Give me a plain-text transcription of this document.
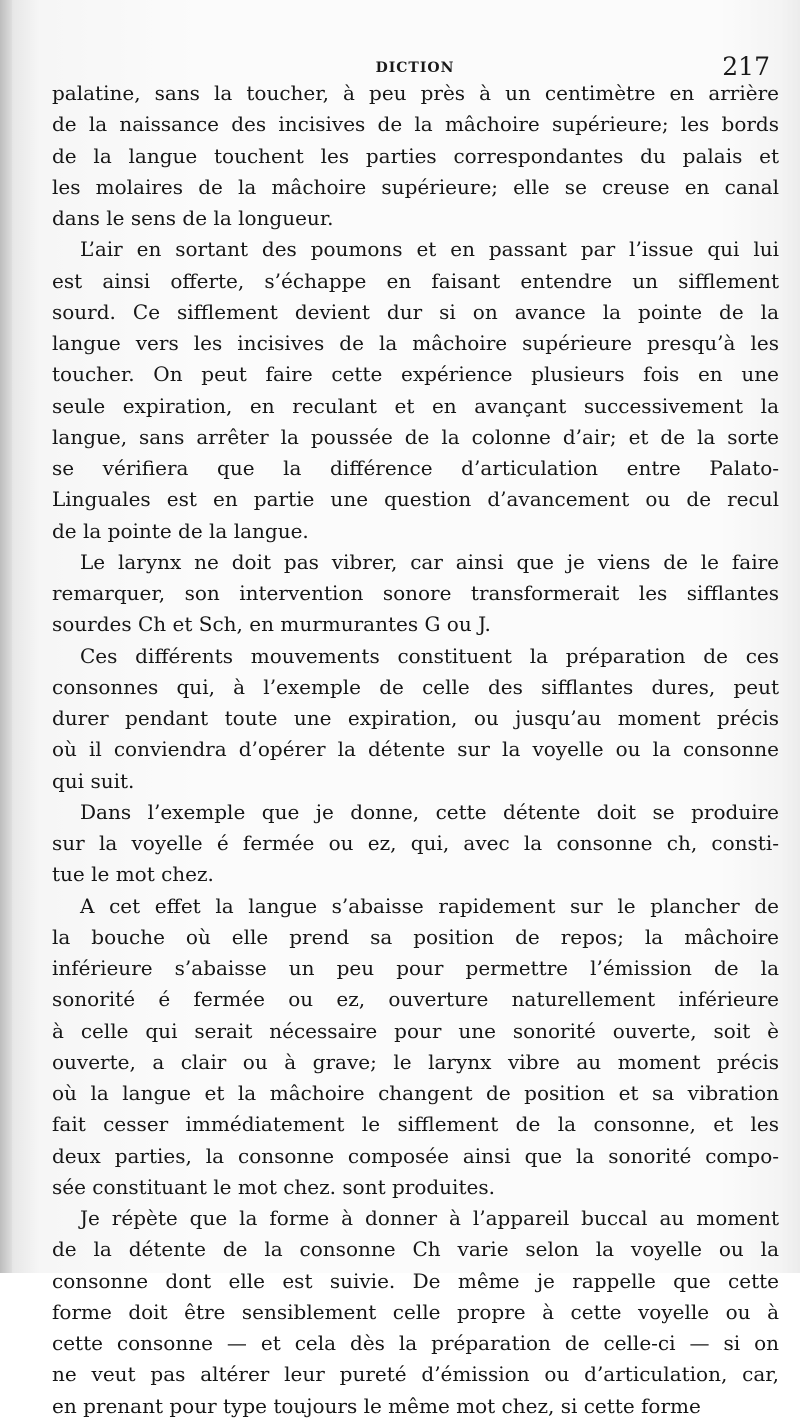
DICTION	217

palatine, sans la toucher, à peu près à un centimètre en arrière
de la naissance des incisives de la mâchoire supérieure; les bords
de la langue touchent les parties correspondantes du palais et
les molaires de la mâchoire supérieure; elle se creuse en canal
dans le sens de la longueur.

L’air en sortant des poumons et en passant par l’issue qui lui
est ainsi offerte, s’échappe en faisant entendre un sifflement
sourd. Ce sifflement devient dur si on avance la pointe de la
langue vers les incisives de la mâchoire supérieure presqu’à les
toucher. On peut faire cette expérience plusieurs fois en une
seule expiration, en reculant et en avançant successivement la
langue, sans arrêter la poussée de la colonne d’air; et de la sorte
se vérifiera que la différence d’articulation entre Palato-
Linguales est en partie une question d’avancement ou de recul
de la pointe de la langue.

Le larynx ne doit pas vibrer, car ainsi que je viens de le faire
remarquer, son intervention sonore transformerait les sifflantes
sourdes Ch et Sch, en murmurantes G ou J.

Ces différents mouvements constituent la préparation de ces
consonnes qui, à l’exemple de celle des sifflantes dures, peut
durer pendant toute une expiration, ou jusqu’au moment précis
où il conviendra d’opérer la détente sur la voyelle ou la consonne
qui suit.

Dans l’exemple que je donne, cette détente doit se produire
sur la voyelle é fermée ou ez, qui, avec la consonne ch, consti-
tue le mot chez.

A cet effet la langue s’abaisse rapidement sur le plancher de
la bouche où elle prend sa position de repos; la mâchoire
inférieure s’abaisse un peu pour permettre l’émission de la
sonorité é fermée ou ez, ouverture naturellement inférieure
à celle qui serait nécessaire pour une sonorité ouverte, soit è
ouverte, a clair ou à grave; le larynx vibre au moment précis
où la langue et la mâchoire changent de position et sa vibration
fait cesser immédiatement le sifflement de la consonne, et les
deux parties, la consonne composée ainsi que la sonorité compo-
sée constituant le mot chez. sont produites.

Je répète que la forme à donner à l’appareil buccal au moment
de la détente de la consonne Ch varie selon la voyelle ou la
consonne dont elle est suivie. De même je rappelle que cette
forme doit être sensiblement celle propre à cette voyelle ou à
cette consonne — et cela dès la préparation de celle-ci — si on
ne veut pas altérer leur pureté d’émission ou d’articulation, car,
en prenant pour type toujours le même mot chez, si cette forme
